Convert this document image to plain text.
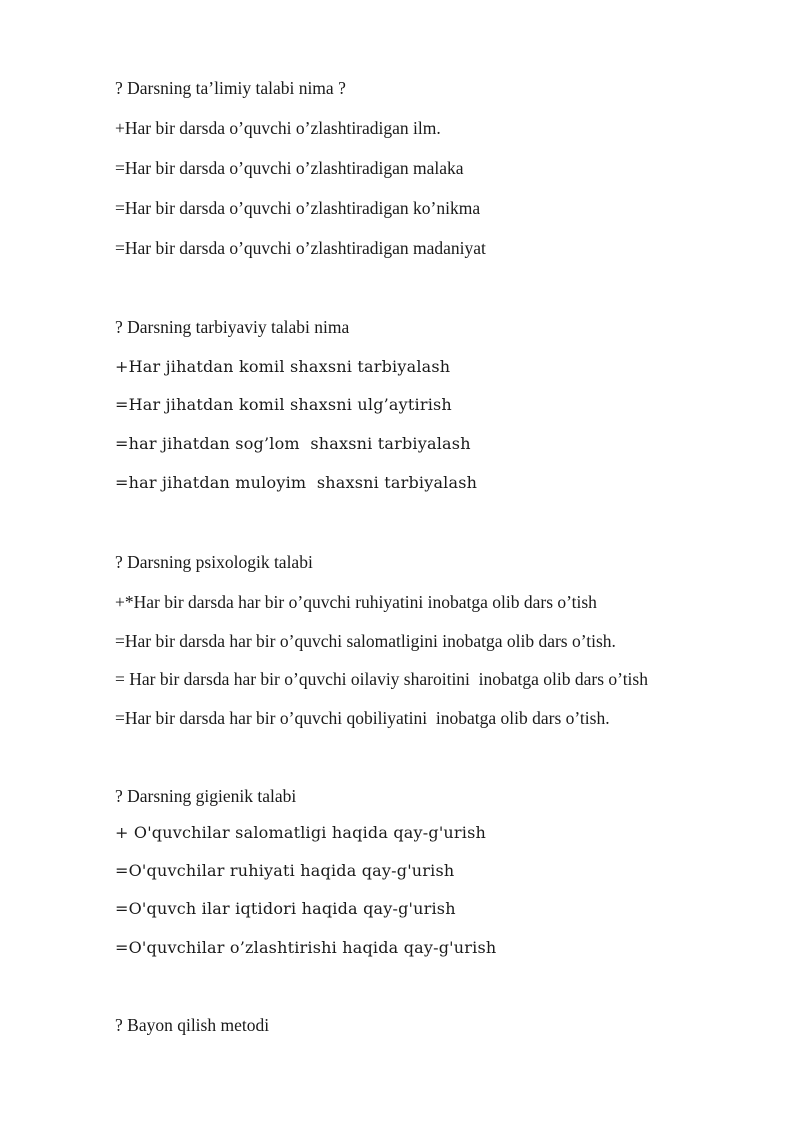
? Darsning ta’limiy talabi nima ?

+Har bir darsda o’quvchi o’zlashtiradigan ilm.

=Har bir darsda o’quvchi o’zlashtiradigan malaka

=Har bir darsda o’quvchi o’zlashtiradigan ko’nikma

=Har bir darsda o’quvchi o’zlashtiradigan madaniyat

? Darsning tarbiyaviy talabi nima

+Har jihatdan komil shaxsni tarbiyalash

=Har jihatdan komil shaxsni ulg’aytirish

=har jihatdan sog’lom  shaxsni tarbiyalash

=har jihatdan muloyim  shaxsni tarbiyalash

? Darsning psixologik talabi

+*Har bir darsda har bir o’quvchi ruhiyatini inobatga olib dars o’tish

=Har bir darsda har bir o’quvchi salomatligini inobatga olib dars o’tish.

= Har bir darsda har bir o’quvchi oilaviy sharoitini  inobatga olib dars o’tish

=Har bir darsda har bir o’quvchi qobiliyatini  inobatga olib dars o’tish.

? Darsning gigienik talabi

+ O'quvchilar salomatligi haqida qay-g'urish

=O'quvchilar ruhiyati haqida qay-g'urish

=O'quvch ilar iqtidori haqida qay-g'urish

=O'quvchilar o’zlashtirishi haqida qay-g'urish

? Bayon qilish metodi
